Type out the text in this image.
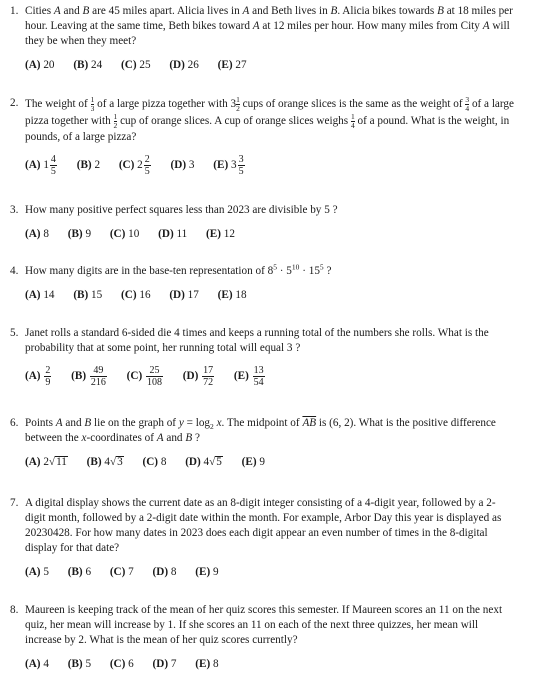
1. Cities A and B are 45 miles apart. Alicia lives in A and Beth lives in B. Alicia bikes towards B at 18 miles per hour. Leaving at the same time, Beth bikes toward A at 12 miles per hour. How many miles from City A will they be when they meet?
(A) 20 (B) 24 (C) 25 (D) 26 (E) 27
2. The weight of $\frac{1}{3}$ of a large pizza together with $3 \frac{1}{2}$ cups of orange slices is the same as the weight of $\frac{3}{4}$ of a large pizza together with $\frac{1}{2}$ cup of orange slices. A cup of orange slices weighs $\frac{1}{4}$ of a pound. What is the weight, in pounds, of a large pizza?
(A) $1 \frac{4}{5} (B)$ 2 (C) $2 \frac{2}{5} (D)$ 3 (E) $3 \frac{3}{5}$
3. How many positive perfect squares less than 2023 are divisible by 5 ?
(A) 8 (B) 9 (C) 10 (D) 11 (E) 12
4. How many digits are in the base-ten representation of $8^5 \cdot 5^{10} \cdot 15^5$ ?
(A) 14 (B) 15 (C) 16 (D) 17 (E) 18
5. Janet rolls a standard 6-sided die 4 times and keeps a running total of the numbers she rolls. What is the probability that at some point, her running total will equal 3 ?
$(A) \frac{2}{9} (B) \frac{49}{216} (C) \frac{25}{108} (D) \frac{17}{72} (E) \frac{13}{54}$
6. Points A and B lie on the graph of $y = \log_2 x$. The midpoint of $\overline{AB}$ is (6, 2). What is the positive difference between the x-coordinates of A and B ?
(A) 2√11 (B) 4√3 (C) 8 (D) 4√5 (E) 9
A digital display shows the current date as an 8-digit integer consisting of a 4-digit year, followed by a 2-digit month, followed by a 2-digit date within the month. For example, Arbor Day this year is displayed as 20230428. For how many dates in 2023 does each digit appear an even number of times in the 8-digital display for that date?
7.
(A) 5 (B) 6 (C) 7 (D) 8 (E) 9
Maureen is keeping track of the mean of her quiz scores this semester. If Maureen scores an 11 on the next quiz, her mean will increase by 1. If she scores an 11 on each of the next three quizzes, her mean will increase by 2. What is the mean of her quiz scores currently?
8.
(A) 4 (B) 5 (C) 6 (D) 7 (E) 8
